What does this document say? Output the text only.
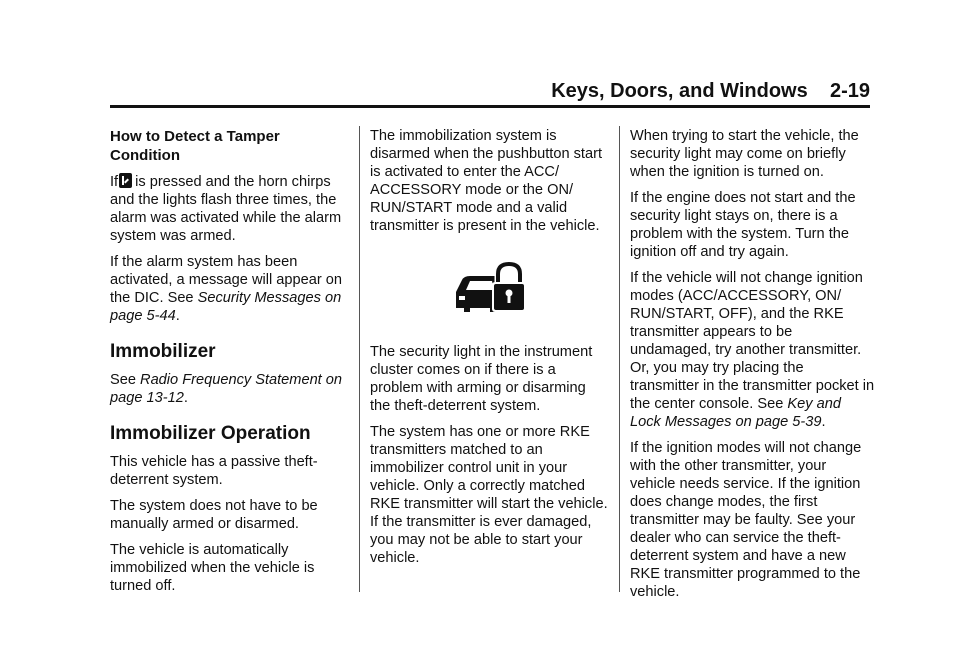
Keys, Doors, and Windows 2-19
How to Detect a Tamper Condition

If is pressed and the horn chirps and the lights flash three times, the alarm was activated while the alarm system was armed.

If the alarm system has been activated, a message will appear on the DIC. See Security Messages on page 5-44.

Immobilizer

See Radio Frequency Statement on page 13-12.

Immobilizer Operation

This vehicle has a passive theft-deterrent system.

The system does not have to be manually armed or disarmed.

The vehicle is automatically immobilized when the vehicle is turned off.

The immobilization system is disarmed when the pushbutton start is activated to enter the ACC/ ACCESSORY mode or the ON/ RUN/START mode and a valid transmitter is present in the vehicle.

The security light in the instrument cluster comes on if there is a problem with arming or disarming the theft-deterrent system.

The system has one or more RKE transmitters matched to an immobilizer control unit in your vehicle. Only a correctly matched RKE transmitter will start the vehicle. If the transmitter is ever damaged, you may not be able to start your vehicle.

When trying to start the vehicle, the security light may come on briefly when the ignition is turned on.

If the engine does not start and the security light stays on, there is a problem with the system. Turn the ignition off and try again.

If the vehicle will not change ignition modes (ACC/ACCESSORY, ON/ RUN/START, OFF), and the RKE transmitter appears to be undamaged, try another transmitter. Or, you may try placing the transmitter in the transmitter pocket in the center console. See Key and Lock Messages on page 5-39.

If the ignition modes will not change with the other transmitter, your vehicle needs service. If the ignition does change modes, the first transmitter may be faulty. See your dealer who can service the theft-deterrent system and have a new RKE transmitter programmed to the vehicle.
